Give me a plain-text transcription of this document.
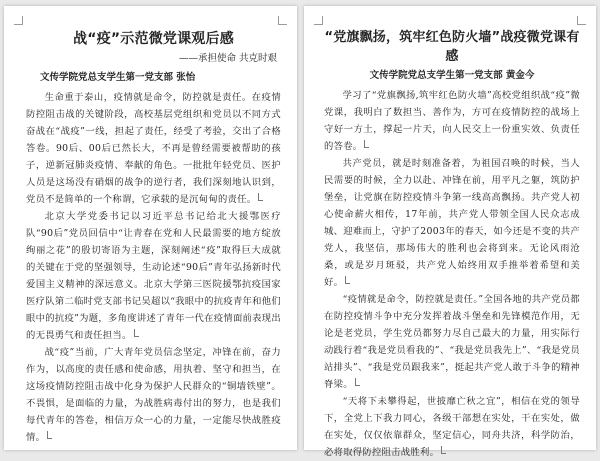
战“疫”示范微党课观后感
——承担使命 共克时艰
文传学院党总支学生第一党支部 张怡

生命重于泰山，疫情就是命令，防控就是责任。在疫情防控阻击战的关键阶段，高校基层党组织和党员以不同方式奋战在“战疫”一线，担起了责任，经受了考验，交出了合格答卷。90后、00后已然长大，不再是曾经需要被帮助的孩子，逆新冠肺炎疫情、奉献的角色。一批批年轻党员、医护人员是这场没有硝烟的战争的逆行者，我们深刻地认识到，党员不是简单的一个称谓，它承载的是沉甸甸的责任。

北京大学党委书记以习近平总书记给北大援鄂医疗队“90后”党员回信中“让青春在党和人民最需要的地方绽放绚丽之花”的殷切寄语为主题，深刻阐述“疫”取得巨大成就的关键在于党的坚强领导，生动论述“90后”青年弘扬新时代爱国主义精神的深远意义。北京大学第三医院援鄂抗疫国家医疗队第二临时党支部书记吴超以“我眼中的抗疫青年和他们眼中的抗疫”为题，多角度讲述了青年一代在疫情面前表现出的无畏勇气和责任担当。

战“疫”当前，广大青年党员信念坚定，冲锋在前，奋力作为，以高度的责任感和使命感，用执着、坚守和担当，在这场疫情防控阻击战中化身为保护人民群众的“铜墙铁壁”。不畏惧，是面临的力量，为战胜病毒付出的努力，也是我们每代青年的答卷，相信万众一心的力量，一定能尽快战胜疫情。

“党旗飘扬，筑牢红色防火墙”战疫微党课有感
文传学院党总支学生第一党支部 黄金今

学习了“党旗飘扬,筑牢红色防火墙”高校党组织战“疫”微党课，我明白了数担当、善作为，方可在疫情防控的战场上守好一方土，撑起一片天，向人民交上一份重实效、负责任的答卷。

共产党员，就是时刻准备着，为祖国召唤的时候，当人民需要的时候，全力以赴、冲锋在前，用平凡之躯，筑防护堡垒，让党旗在防控疫情斗争第一线高高飘扬。共产党人初心使命薪火相传，17年前，共产党人带领全国人民众志成城、迎难而上，守护了2003年的春天，如今还是不变的共产党人，我坚信，那场伟大的胜利也会将到来。无论风雨沧桑，或是岁月斑驳，共产党人始终用双手推举着希望和美好。

“疫情就是命令，防控就是责任。”全国各地的共产党员都在防控疫情斗争中充分发挥着战斗堡垒和先锋模范作用，无论是老党员，学生党员都努力尽自己最大的力量，用实际行动践行着“我是党员看我的”、“我是党员我先上”、“我是党员站排头”、“我是党员跟我来”，挺起共产党人敢于斗争的精神脊梁。

“天将下未攀得起，世披靡亡秋之宜”，相信在党的领导下，全党上下我力同心，各级干部想在实处，干在实处，做在实处，仅仅依靠群众，坚定信心，同舟共济，科学防治，必将取得防控阻击战胜利。
